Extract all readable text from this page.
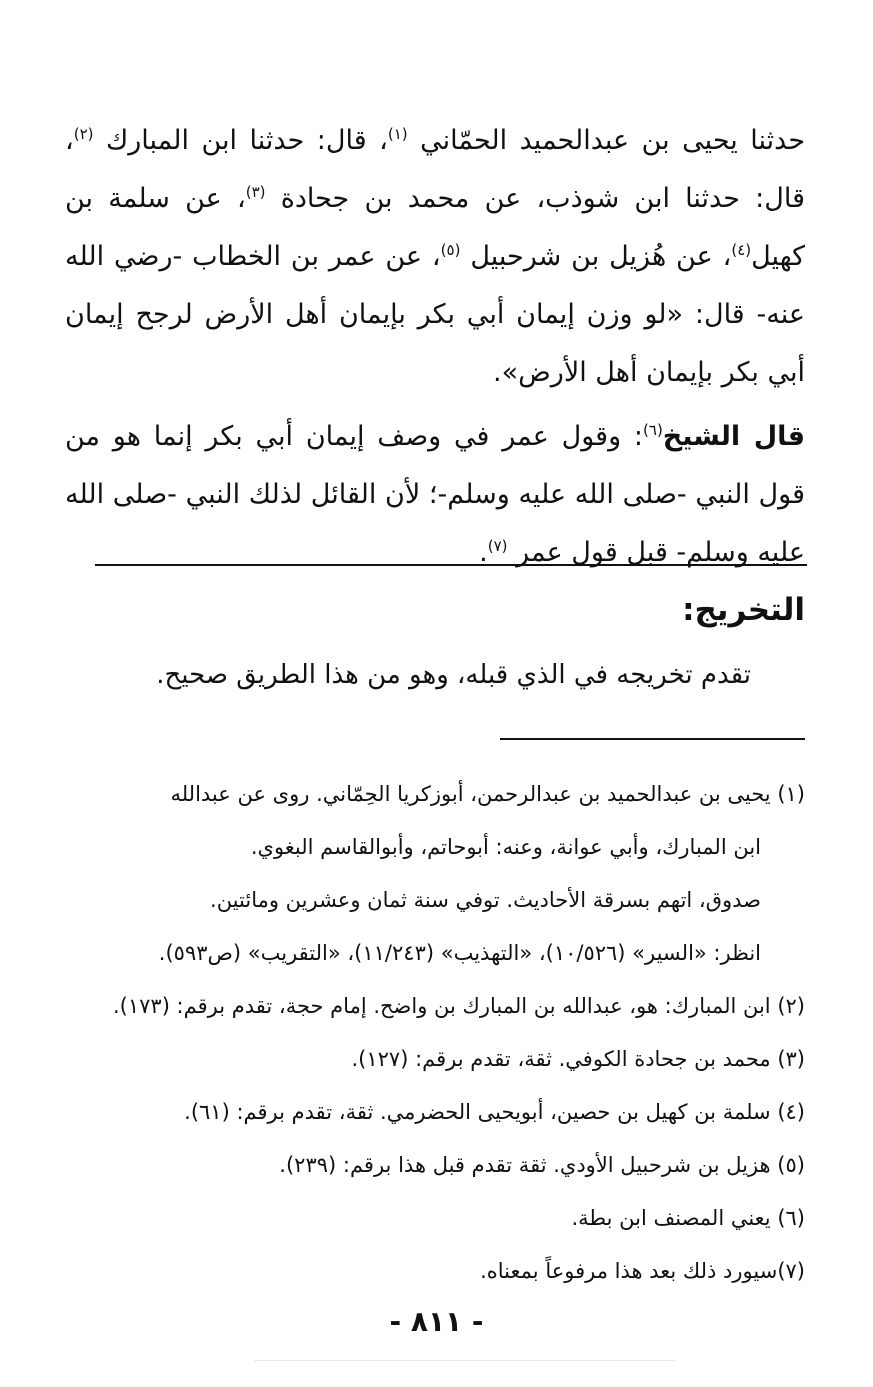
حدثنا يحيى بن عبدالحميد الحمّاني $^{(١)}$، قال: حدثنا ابن المبارك $^{(٢)}$، قال: حدثنا ابن شوذب، عن محمد بن جحادة $^{(٣)}$، عن سلمة بن كهيل$^{(٤)}$، عن هُزيل بن شرحبيل $^{(٥)}$، عن عمر بن الخطاب -رضي الله عنه- قال: «لو وزن إيمان أبي بكر بإيمان أهل الأرض لرجح إيمان أبي بكر بإيمان أهل الأرض».

قال الشيخ$^{(٦)}$: وقول عمر في وصف إيمان أبي بكر إنما هو من قول النبي -صلى الله عليه وسلم-؛ لأن القائل لذلك النبي -صلى الله عليه وسلم- قبل قول عمر $^{(٧)}$.

التخريج:

تقدم تخريجه في الذي قبله، وهو من هذا الطريق صحيح.

(١) يحيى بن عبدالحميد بن عبدالرحمن، أبوزكريا الحِمّاني. روى عن عبدالله
ابن المبارك، وأبي عوانة، وعنه: أبوحاتم، وأبوالقاسم البغوي.
صدوق، اتهم بسرقة الأحاديث. توفي سنة ثمان وعشرين ومائتين.
انظر: «السير» (١٠/٥٢٦)، «التهذيب» (١١/٢٤٣)، «التقريب» (ص٥٩٣).
(٢) ابن المبارك: هو، عبدالله بن المبارك بن واضح. إمام حجة، تقدم برقم: (١٧٣).
(٣) محمد بن جحادة الكوفي. ثقة، تقدم برقم: (١٢٧).
(٤) سلمة بن كهيل بن حصين، أبويحيى الحضرمي. ثقة، تقدم برقم: (٦١).
(٥) هزيل بن شرحبيل الأودي. ثقة تقدم قبل هذا برقم: (٢٣٩).
(٦) يعني المصنف ابن بطة.
(٧)سيورد ذلك بعد هذا مرفوعاً بمعناه.
- ٨١١ -
